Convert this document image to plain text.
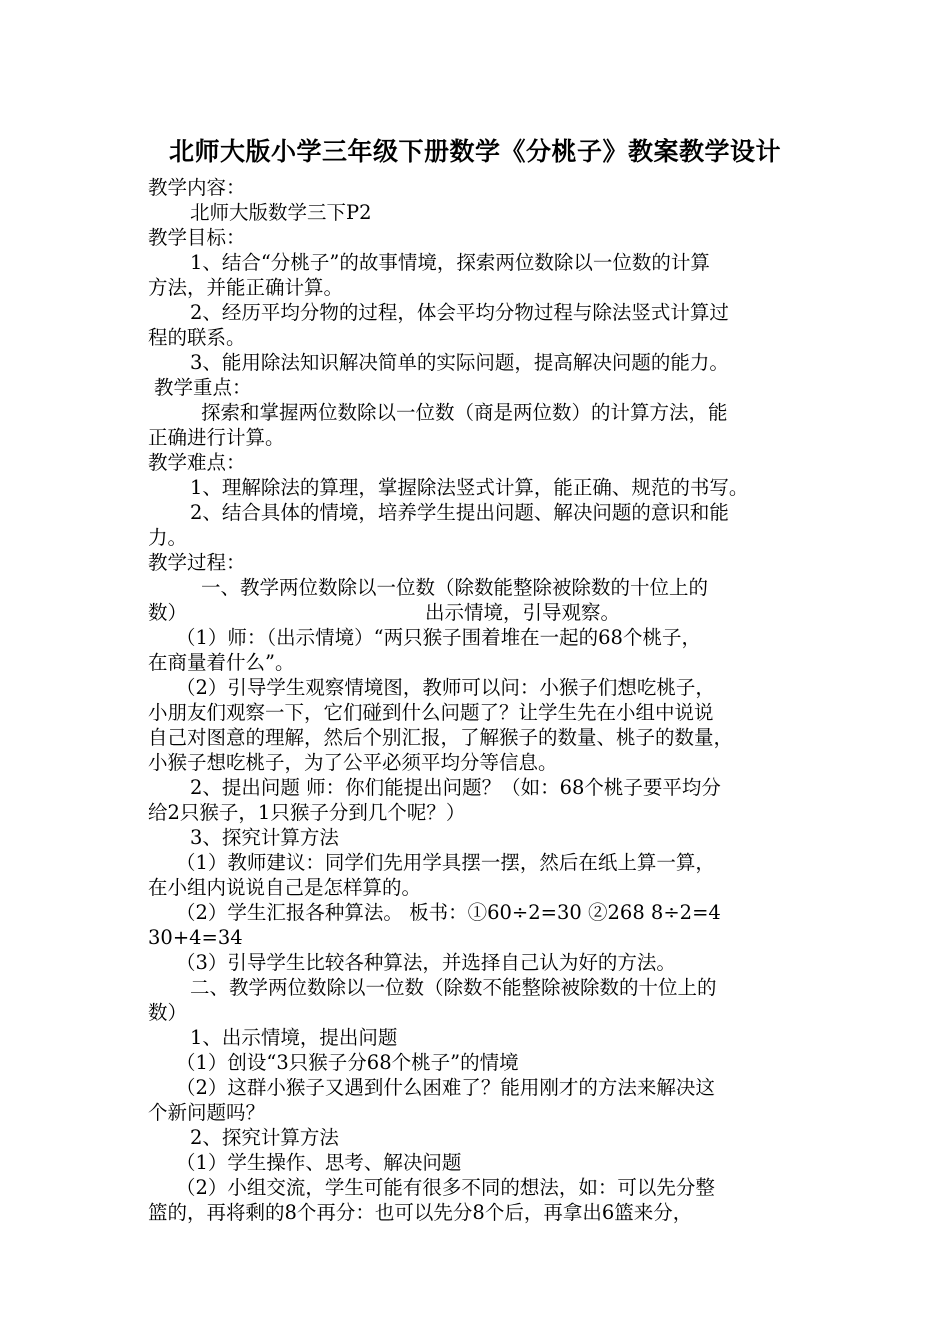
北师大版小学三年级下册数学《分桃子》教案教学设计
教学内容：
北师大版数学三下P2
教学目标：
1、结合“分桃子”的故事情境，探索两位数除以一位数的计算
方法，并能正确计算。
2、经历平均分物的过程，体会平均分物过程与除法竖式计算过
程的联系。
3、能用除法知识解决简单的实际问题，提高解决问题的能力。
教学重点：
探索和掌握两位数除以一位数（商是两位数）的计算方法，能
正确进行计算。
教学难点：
1、理解除法的算理，掌握除法竖式计算，能正确、规范的书写。
2、结合具体的情境，培养学生提出问题、解决问题的意识和能
力。
教学过程：
一、教学两位数除以一位数（除数能整除被除数的十位上的
数）	出示情境，引导观察。
（1）师：（出示情境）“两只猴子围着堆在一起的68个桃子，
在商量着什么”。
（2）引导学生观察情境图，教师可以问：小猴子们想吃桃子，
小朋友们观察一下，它们碰到什么问题了？让学生先在小组中说说
自己对图意的理解，然后个别汇报，了解猴子的数量、桃子的数量，
小猴子想吃桃子，为了公平必须平均分等信息。
2、提出问题 师：你们能提出问题？（如：68个桃子要平均分
给2只猴子，1只猴子分到几个呢？）
3、探究计算方法
（1）教师建议：同学们先用学具摆一摆，然后在纸上算一算，
在小组内说说自己是怎样算的。
（2）学生汇报各种算法。 板书：①60÷2=30 ②268 8÷2=4
30+4=34
（3）引导学生比较各种算法，并选择自己认为好的方法。
二、教学两位数除以一位数（除数不能整除被除数的十位上的
数）
1、出示情境，提出问题
（1）创设“3只猴子分68个桃子”的情境
（2）这群小猴子又遇到什么困难了？能用刚才的方法来解决这
个新问题吗？
2、探究计算方法
（1）学生操作、思考、解决问题
（2）小组交流，学生可能有很多不同的想法，如：可以先分整
篮的，再将剩的8个再分：也可以先分8个后，再拿出6篮来分，
